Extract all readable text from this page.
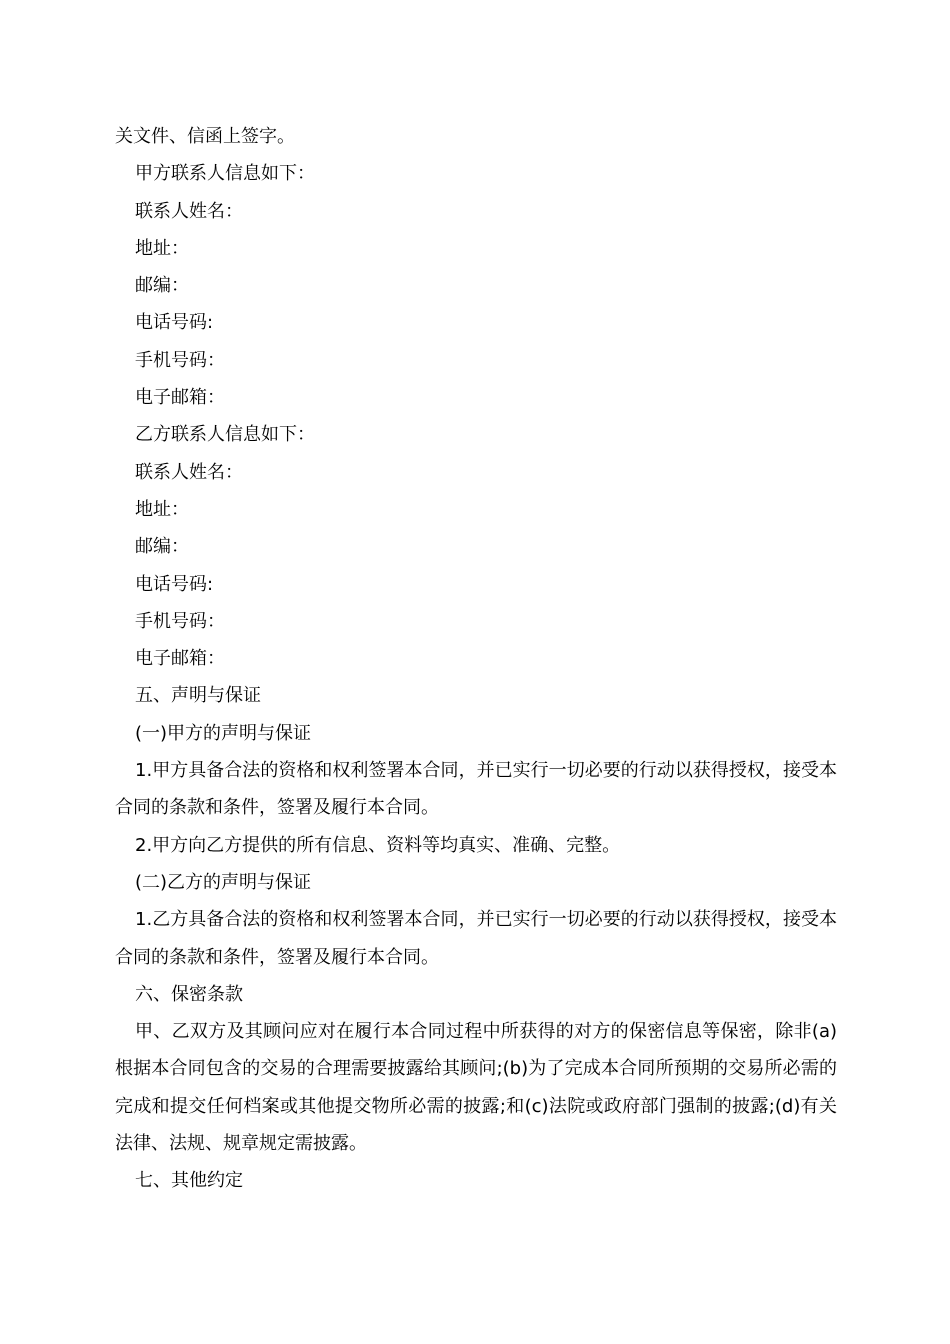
关文件、信函上签字。
甲方联系人信息如下：
联系人姓名：
地址：
邮编：
电话号码:
手机号码：
电子邮箱：
乙方联系人信息如下：
联系人姓名：
地址：
邮编：
电话号码:
手机号码：
电子邮箱：
五、声明与保证
(一)甲方的声明与保证
1.甲方具备合法的资格和权利签署本合同，并已实行一切必要的行动以获得授权，接受本合同的条款和条件，签署及履行本合同。
2.甲方向乙方提供的所有信息、资料等均真实、准确、完整。
(二)乙方的声明与保证
1.乙方具备合法的资格和权利签署本合同，并已实行一切必要的行动以获得授权，接受本合同的条款和条件，签署及履行本合同。
六、保密条款
甲、乙双方及其顾问应对在履行本合同过程中所获得的对方的保密信息等保密，除非(a)根据本合同包含的交易的合理需要披露给其顾问;(b)为了完成本合同所预期的交易所必需的完成和提交任何档案或其他提交物所必需的披露;和(c)法院或政府部门强制的披露;(d)有关法律、法规、规章规定需披露。
七、其他约定
